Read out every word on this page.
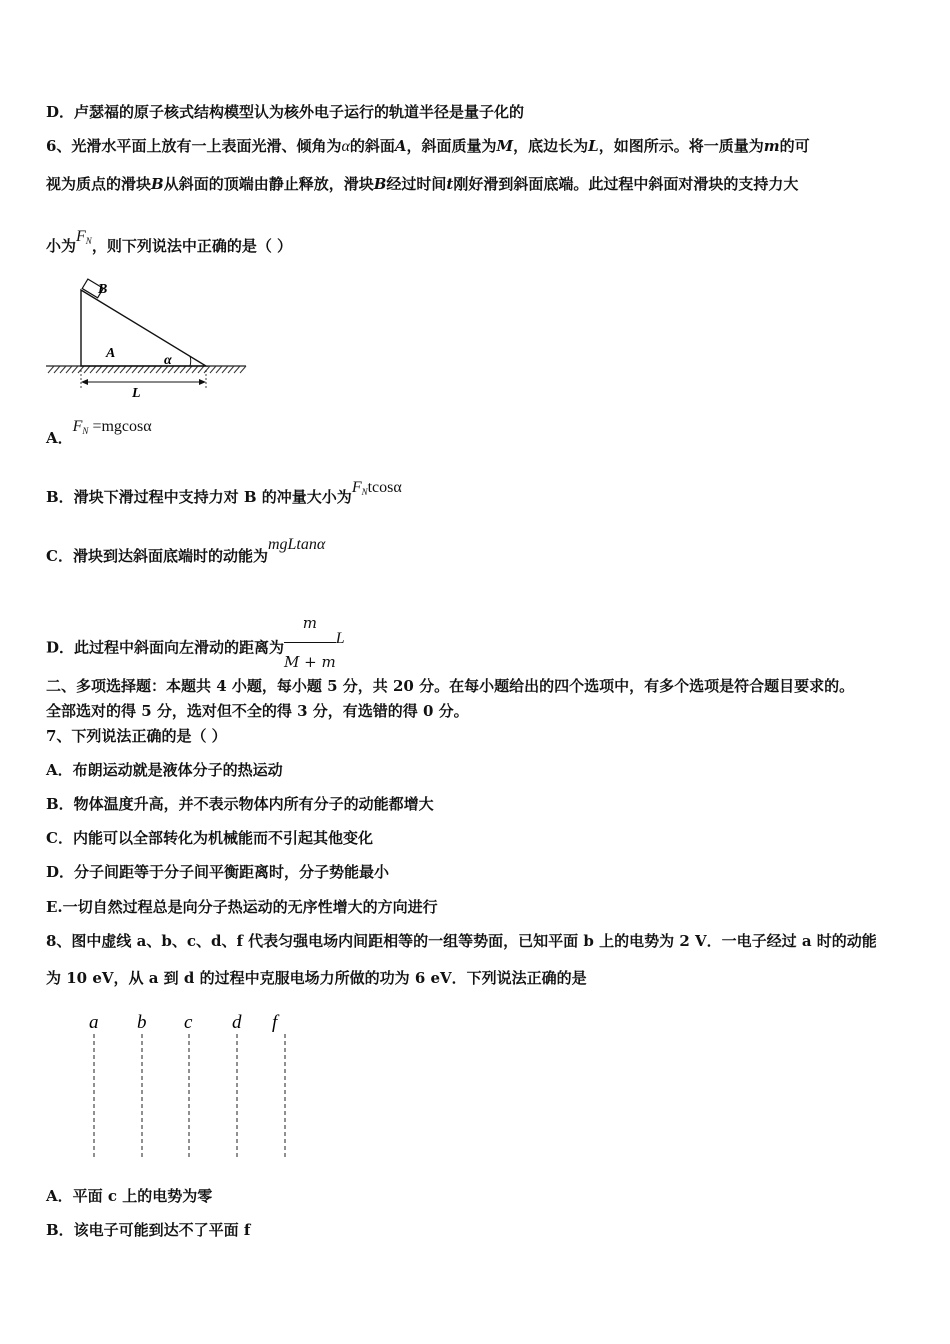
D．卢瑟福的原子核式结构模型认为核外电子运行的轨道半径是量子化的
6、光滑水平面上放有一上表面光滑、倾角为α的斜面A，斜面质量为M，底边长为L，如图所示。将一质量为m的可
视为质点的滑块B从斜面的顶端由静止释放，滑块B经过时间t刚好滑到斜面底端。此过程中斜面对滑块的支持力大
小为$F_N$，则下列说法中正确的是（ ）
B
A	α
L
A．$F_N =mgcos\alpha$
B．滑块下滑过程中支持力对 B 的冲量大小为$F_Ntcos\alpha$
C．滑块到达斜面底端时的动能为mgLtanα
D．此过程中斜面向左滑动的距离为 $\frac{m}{M + m}$ L
二、多项选择题：本题共 4 小题，每小题 5 分，共 20 分。在每小题给出的四个选项中，有多个选项是符合题目要求的。
全部选对的得 5 分，选对但不全的得 3 分，有选错的得 0 分。
7、下列说法正确的是（ ）
A．布朗运动就是液体分子的热运动
B．物体温度升高，并不表示物体内所有分子的动能都增大
C．内能可以全部转化为机械能而不引起其他变化
D．分子间距等于分子间平衡距离时，分子势能最小
E.一切自然过程总是向分子热运动的无序性增大的方向进行
8、图中虚线 a、b、c、d、f 代表匀强电场内间距相等的一组等势面，已知平面 b 上的电势为 2 V．一电子经过 a 时的动能
为 10 eV，从 a 到 d 的过程中克服电场力所做的功为 6 eV．下列说法正确的是
a b c d f
A．平面 c 上的电势为零
B．该电子可能到达不了平面 f
